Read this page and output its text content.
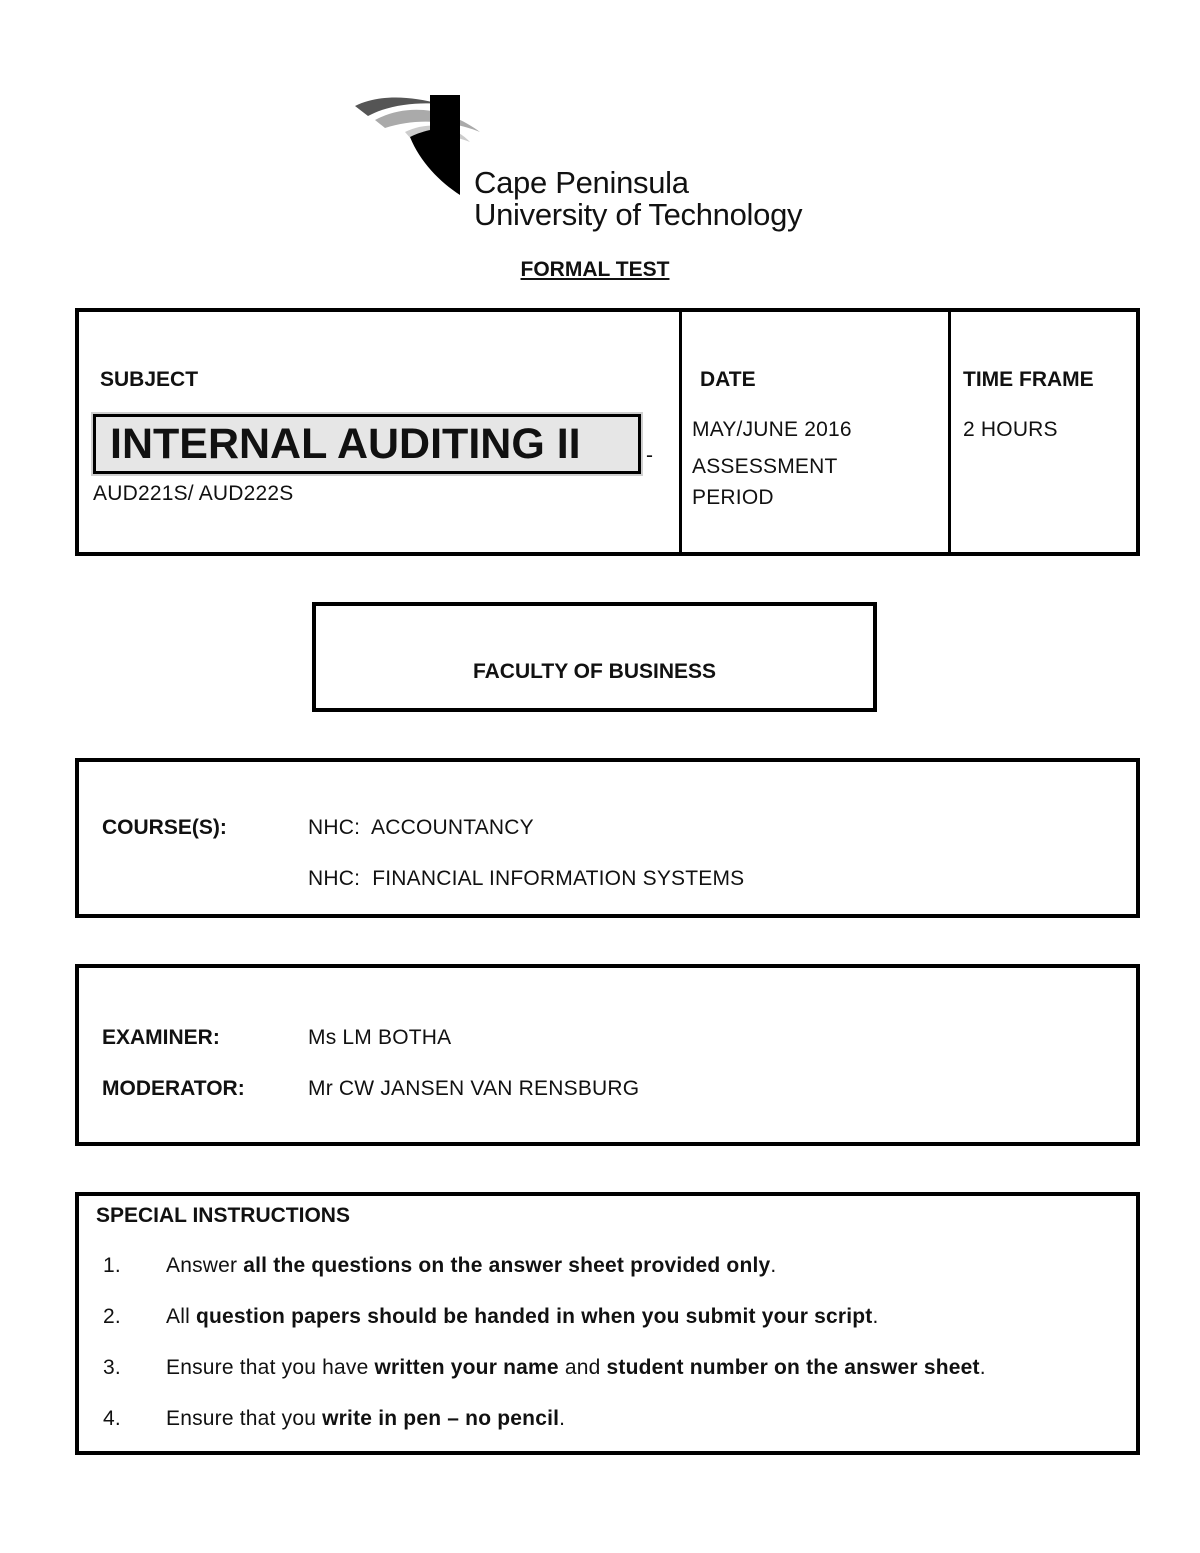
Cape Peninsula
University of Technology
FORMAL TEST
SUBJECT
INTERNAL AUDITING II	-
AUD221S/ AUD222S
DATE
MAY/JUNE 2016
ASSESSMENT
PERIOD
TIME FRAME
2 HOURS
FACULTY OF BUSINESS
COURSE(S):	NHC:  ACCOUNTANCY
NHC:  FINANCIAL INFORMATION SYSTEMS
EXAMINER:	Ms LM BOTHA
MODERATOR:	Mr CW JANSEN VAN RENSBURG
SPECIAL INSTRUCTIONS
1. Answer all the questions on the answer sheet provided only.
2. All question papers should be handed in when you submit your script.
3. Ensure that you have written your name and student number on the answer sheet.
4. Ensure that you write in pen – no pencil.
